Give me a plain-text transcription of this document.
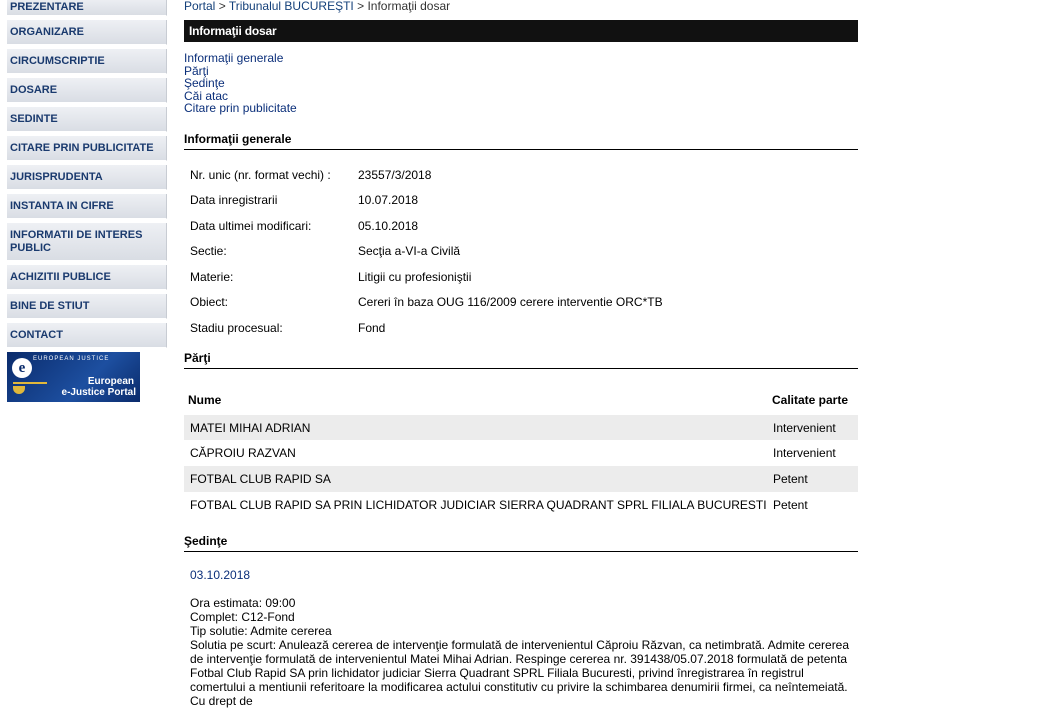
PREZENTARE
ORGANIZARE
CIRCUMSCRIPTIE
DOSARE
SEDINTE
CITARE PRIN PUBLICITATE
JURISPRUDENTA
INSTANTA IN CIFRE
INFORMATII DE INTERES PUBLIC
ACHIZITII PUBLICE
BINE DE STIUT
CONTACT
e
EUROPEAN JUSTICE
European
e-Justice Portal
Portal > Tribunalul BUCUREŞTI > Informaţii dosar
Informaţii dosar
Informaţii generale
Părţi
Şedinţe
Căi atac
Citare prin publicitate
Informaţii generale
Nr. unic (nr. format vechi) :	23557/3/2018
Data inregistrarii	10.07.2018
Data ultimei modificari:	05.10.2018
Sectie:	Secţia a-VI-a Civilă
Materie:	Litigii cu profesioniştii
Obiect:	Cereri în baza OUG 116/2009 cerere interventie ORC*TB
Stadiu procesual:	Fond
Părţi
Nume	Calitate parte
MATEI MIHAI ADRIAN	Intervenient
CĂPROIU RAZVAN	Intervenient
FOTBAL CLUB RAPID SA	Petent
FOTBAL CLUB RAPID SA PRIN LICHIDATOR JUDICIAR SIERRA QUADRANT SPRL FILIALA BUCURESTI Petent
Şedinţe
03.10.2018
Ora estimata: 09:00
Complet: C12-Fond
Tip solutie: Admite cererea
Solutia pe scurt: Anulează cererea de intervenţie formulată de intervenientul Căproiu Răzvan, ca netimbrată. Admite cererea de intervenţie formulată de intervenientul Matei Mihai Adrian. Respinge cererea nr. 391438/05.07.2018 formulată de petenta Fotbal Club Rapid SA prin lichidator judiciar Sierra Quadrant SPRL Filiala Bucuresti, privind înregistrarea în registrul comertului a mentiunii referitoare la modificarea actului constitutiv cu privire la schimbarea denumirii firmei, ca neîntemeiată. Cu drept de
